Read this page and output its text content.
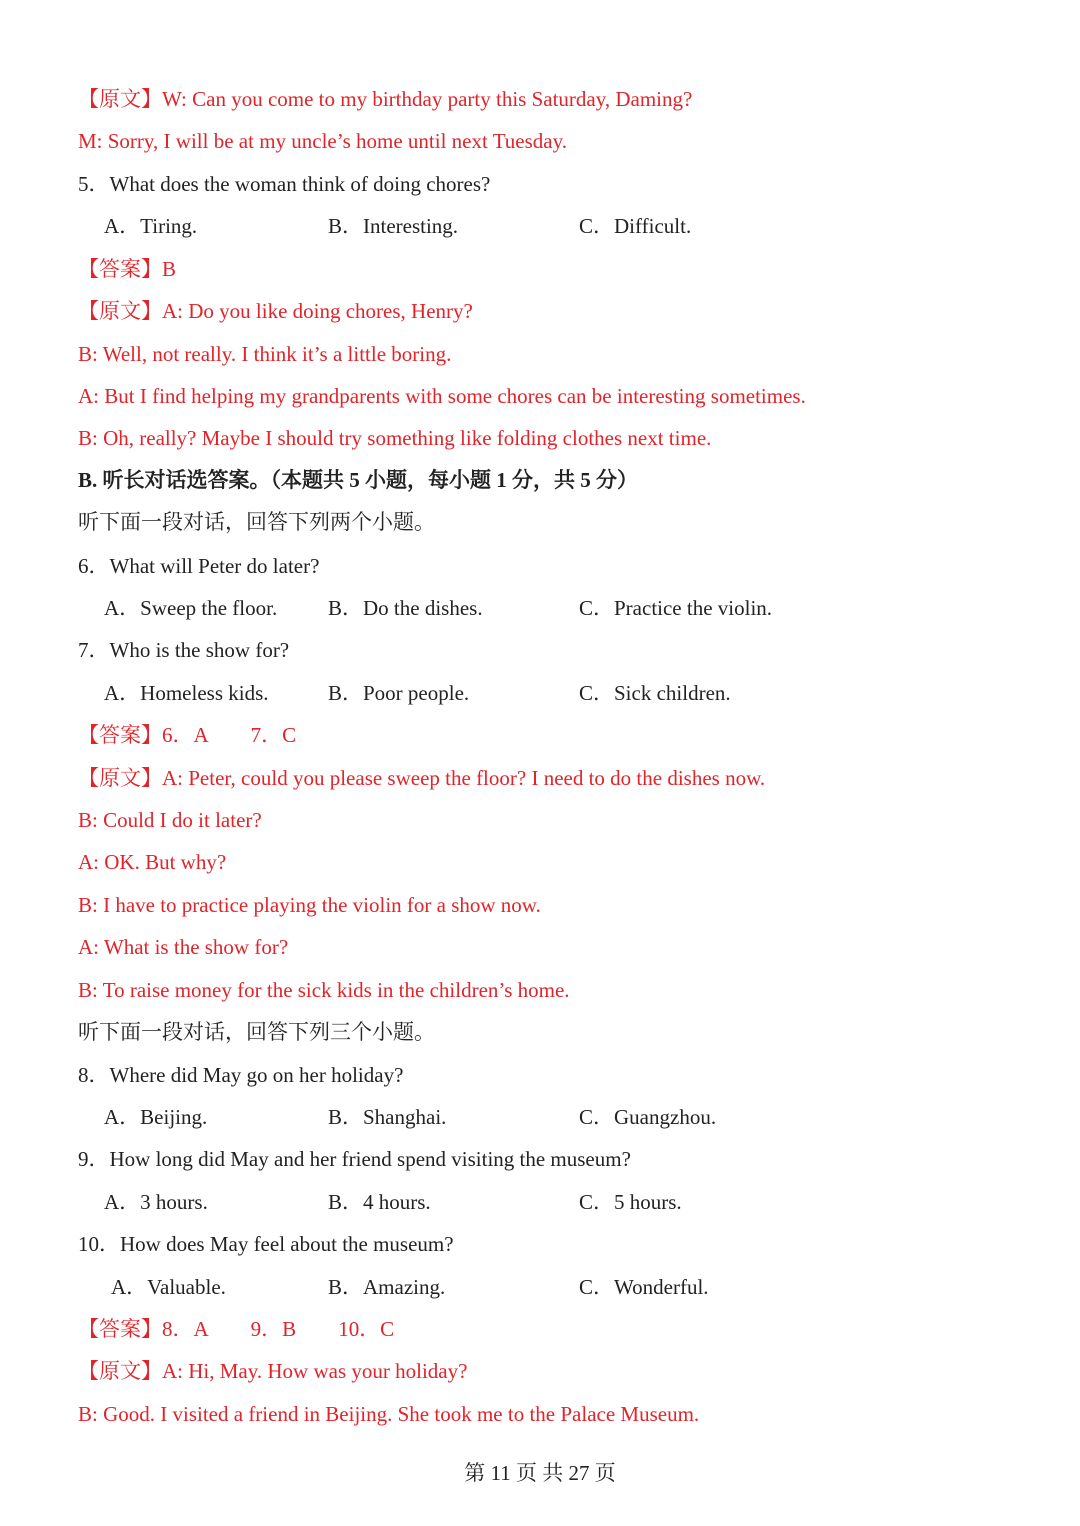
【原文】W: Can you come to my birthday party this Saturday, Daming?
M: Sorry, I will be at my uncle’s home until next Tuesday.
5．What does the woman think of doing chores?
A．Tiring.	B．Interesting.	C．Difficult.
【答案】B
【原文】A: Do you like doing chores, Henry?
B: Well, not really. I think it’s a little boring.
A: But I find helping my grandparents with some chores can be interesting sometimes.
B: Oh, really? Maybe I should try something like folding clothes next time.
B. 听长对话选答案。（本题共 5 小题，每小题 1 分，共 5 分）
听下面一段对话，回答下列两个小题。
6．What will Peter do later?
A．Sweep the floor. B．Do the dishes.	C．Practice the violin.
7．Who is the show for?
A．Homeless kids.	B．Poor people.	C．Sick children.
【答案】6．A 7．C
【原文】A: Peter, could you please sweep the floor? I need to do the dishes now.
B: Could I do it later?
A: OK. But why?
B: I have to practice playing the violin for a show now.
A: What is the show for?
B: To raise money for the sick kids in the children’s home.
听下面一段对话，回答下列三个小题。
8．Where did May go on her holiday?
A．Beijing.	B．Shanghai.	C．Guangzhou.
9．How long did May and her friend spend visiting the museum?
A．3 hours.	B．4 hours.	C．5 hours.
10．How does May feel about the museum?
A．Valuable.	B．Amazing.	C．Wonderful.
【答案】8．A 9．B 10．C
【原文】A: Hi, May. How was your holiday?
B: Good. I visited a friend in Beijing. She took me to the Palace Museum.
第 11 页 共 27 页
